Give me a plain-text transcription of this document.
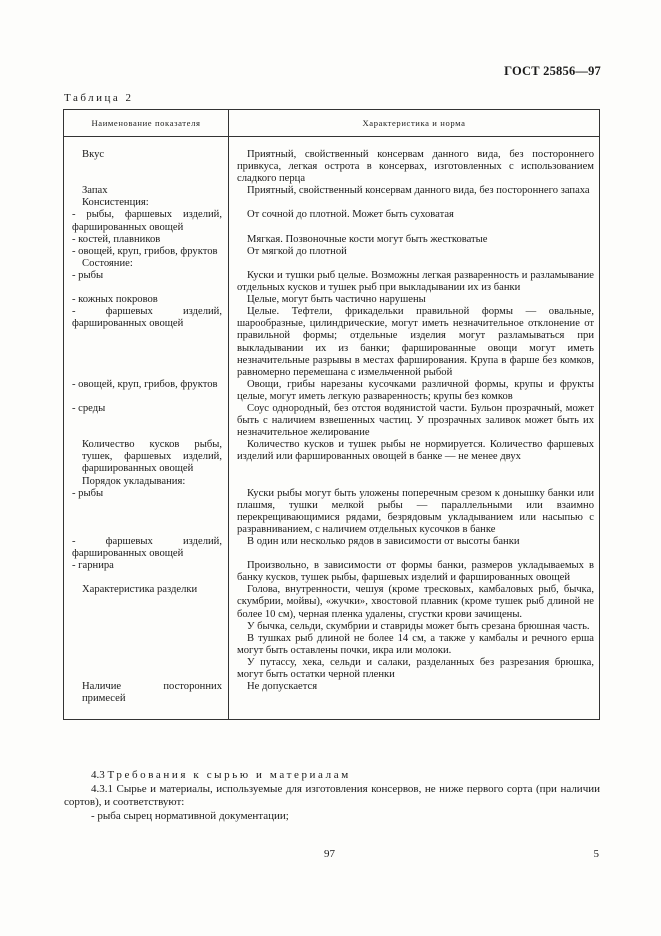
ГОСТ 25856—97
Таблица 2
Наименование показателя	Характеристика и норма

Вкус	Приятный, свойственный консервам данного вида, без постороннего привкуса, легкая острота в консервах, изготовленных с использованием сладкого перца

Запах	Приятный, свойственный консервам данного вида, без постороннего запаха

Консистенция:
- рыбы, фаршевых изделий, фаршированных овощей	От сочной до плотной. Может быть суховатая

- костей, плавников	Мягкая. Позвоночные кости могут быть жестковатые

- овощей, круп, грибов, фруктов	От мягкой до плотной

Состояние:
- рыбы	Куски и тушки рыб целые. Возможны легкая разваренность и разламывание отдельных кусков и тушек рыб при выкладывании их из банки

- кожных покровов	Целые, могут быть частично нарушены

- фаршевых изделий, фаршированных овощей	Целые. Тефтели, фрикадельки правильной формы — овальные, шарообразные, цилиндрические, могут иметь незначительное отклонение от правильной формы; отдельные изделия могут разламываться при выкладывании их из банки; фаршированные овощи могут иметь незначительные разрывы в местах фарширования. Крупа в фарше без комков, равномерно перемешана с измельченной рыбой

- овощей, круп, грибов, фруктов	Овощи, грибы нарезаны кусочками различной формы, крупы и фрукты целые, могут иметь легкую разваренность; крупы без комков

- среды	Соус однородный, без отстоя водянистой части. Бульон прозрачный, может быть с наличием взвешенных частиц. У прозрачных заливок может быть их незначительное желирование

Количество кусков рыбы, тушек, фаршевых изделий, фаршированных овощей	Количество кусков и тушек рыбы не нормируется. Количество фаршевых изделий или фаршированных овощей в банке — не менее двух

Порядок укладывания:
- рыбы	Куски рыбы могут быть уложены поперечным срезом к донышку банки или плашмя, тушки мелкой рыбы — параллельными или взаимно перекрещивающимися рядами, безрядовым укладыванием или насыпью с разравниванием, с наличием отдельных кусочков в банке

- фаршевых изделий, фаршированных овощей	В один или несколько рядов в зависимости от высоты банки

- гарнира	Произвольно, в зависимости от формы банки, размеров укладываемых в банку кусков, тушек рыбы, фаршевых изделий и фаршированных овощей

Характеристика разделки	Голова, внутренности, чешуя (кроме тресковых, камбаловых рыб, бычка, скумбрии, мойвы), «жучки», хвостовой плавник (кроме тушек рыб длиной не более 10 см), черная пленка удалены, сгустки крови зачищены.
У бычка, сельди, скумбрии и ставриды может быть срезана брюшная часть.
В тушках рыб длиной не более 14 см, а также у камбалы и речного ерша могут быть оставлены почки, икра или молоки.
У путассу, хека, сельди и салаки, разделанных без разрезания брюшка, могут быть остатки черной пленки

Наличие посторонних примесей	Не допускается

4.3 Требования к сырью и материалам

4.3.1 Сырье и материалы, используемые для изготовления консервов, не ниже первого сорта (при наличии сортов), и соответствуют:

- рыба сырец нормативной документации;

97	5
